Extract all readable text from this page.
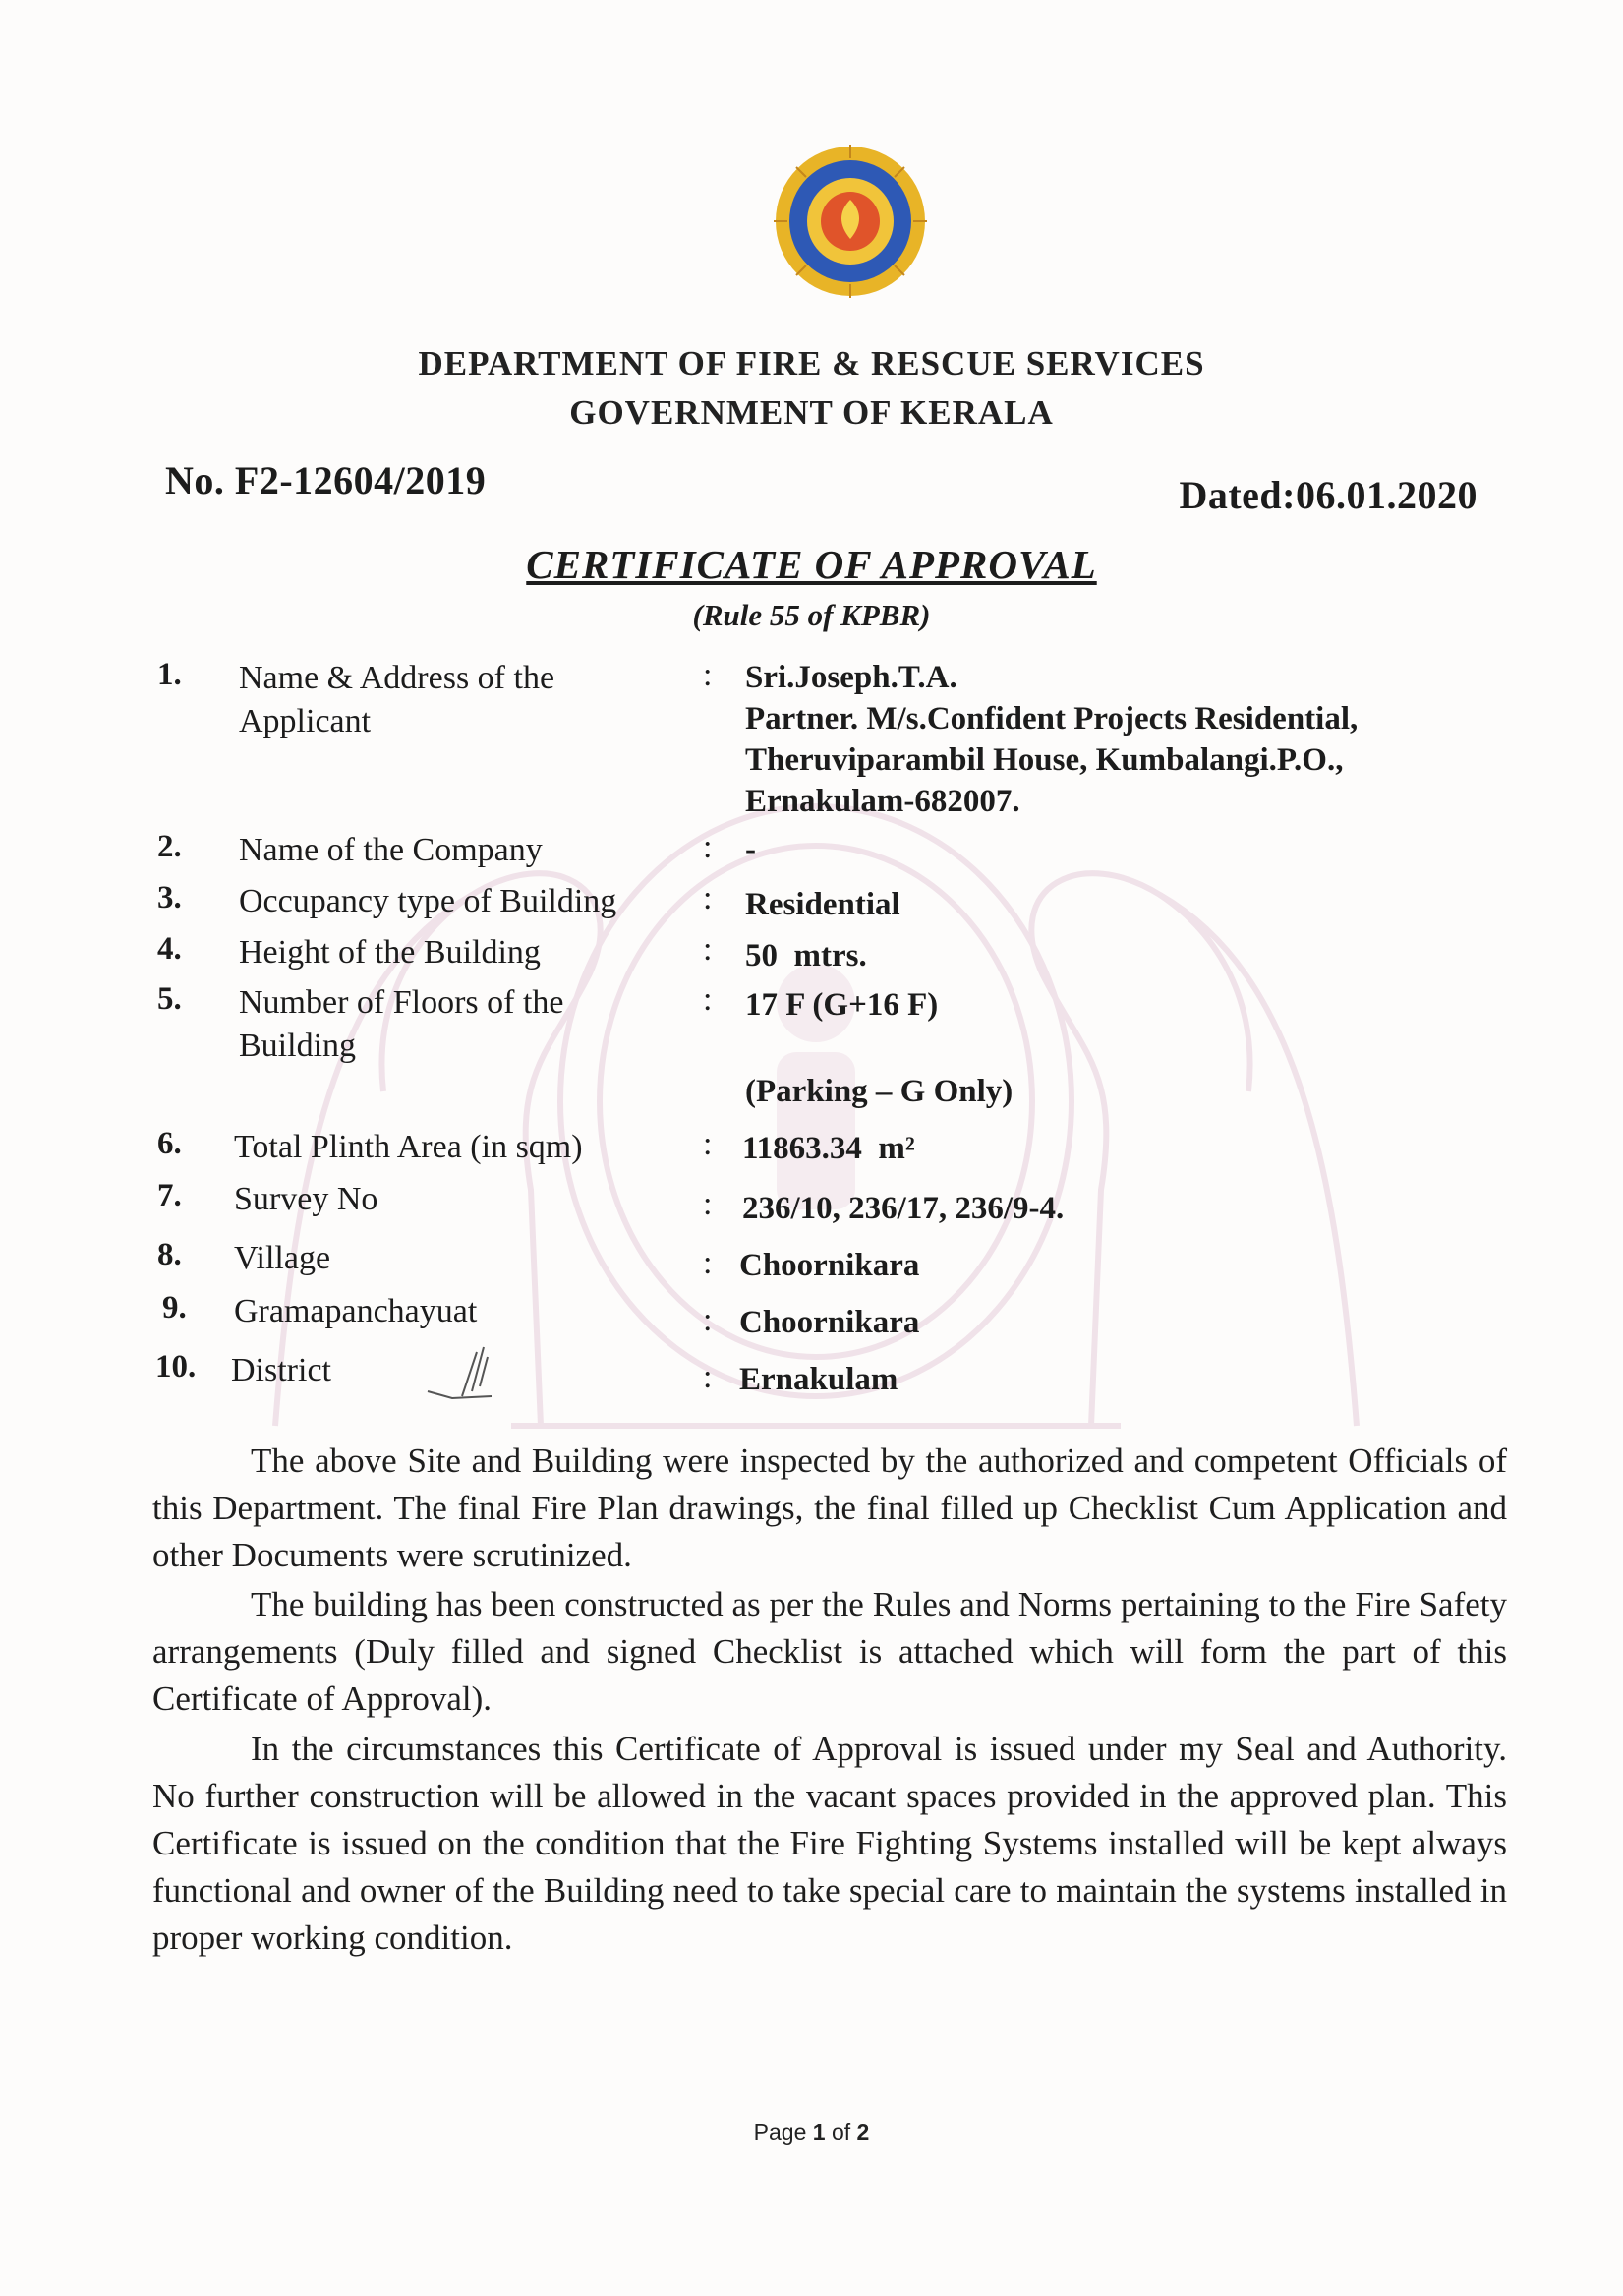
DEPARTMENT OF FIRE & RESCUE SERVICES
GOVERNMENT OF KERALA
No. F2-12604/2019	Dated:06.01.2020
CERTIFICATE OF APPROVAL
(Rule 55 of KPBR)
1. Name & Address of the Applicant
: Sri.Joseph.T.A.
Partner. M/s.Confident Projects Residential,
Theruviparambil House, Kumbalangi.P.O.,
Ernakulam-682007.
2. Name of the Company	: -
3. Occupancy type of Building	: Residential
4. Height of the Building	: 50  mtrs.
5. Number of Floors of the Building
: 17 F (G+16 F)
(Parking – G Only)
6. Total Plinth Area (in sqm)	: 11863.34  m²
7. Survey No	: 236/10, 236/17, 236/9-4.
8. Village	: Choornikara
9. Gramapanchayuat	: Choornikara
10. District	: Ernakulam
The above Site and Building were inspected by the authorized and competent Officials of this Department. The final Fire Plan drawings, the final filled up Checklist Cum Application and other Documents were scrutinized.
The building has been constructed as per the Rules and Norms pertaining to the Fire Safety arrangements (Duly filled and signed Checklist is attached which will form the part of this Certificate of Approval).
In the circumstances this Certificate of Approval is issued under my Seal and Authority. No further construction will be allowed in the vacant spaces provided in the approved plan. This Certificate is issued on the condition that the Fire Fighting Systems installed will be kept always functional and owner of the Building need to take special care to maintain the systems installed in proper working condition.
Page 1 of 2
